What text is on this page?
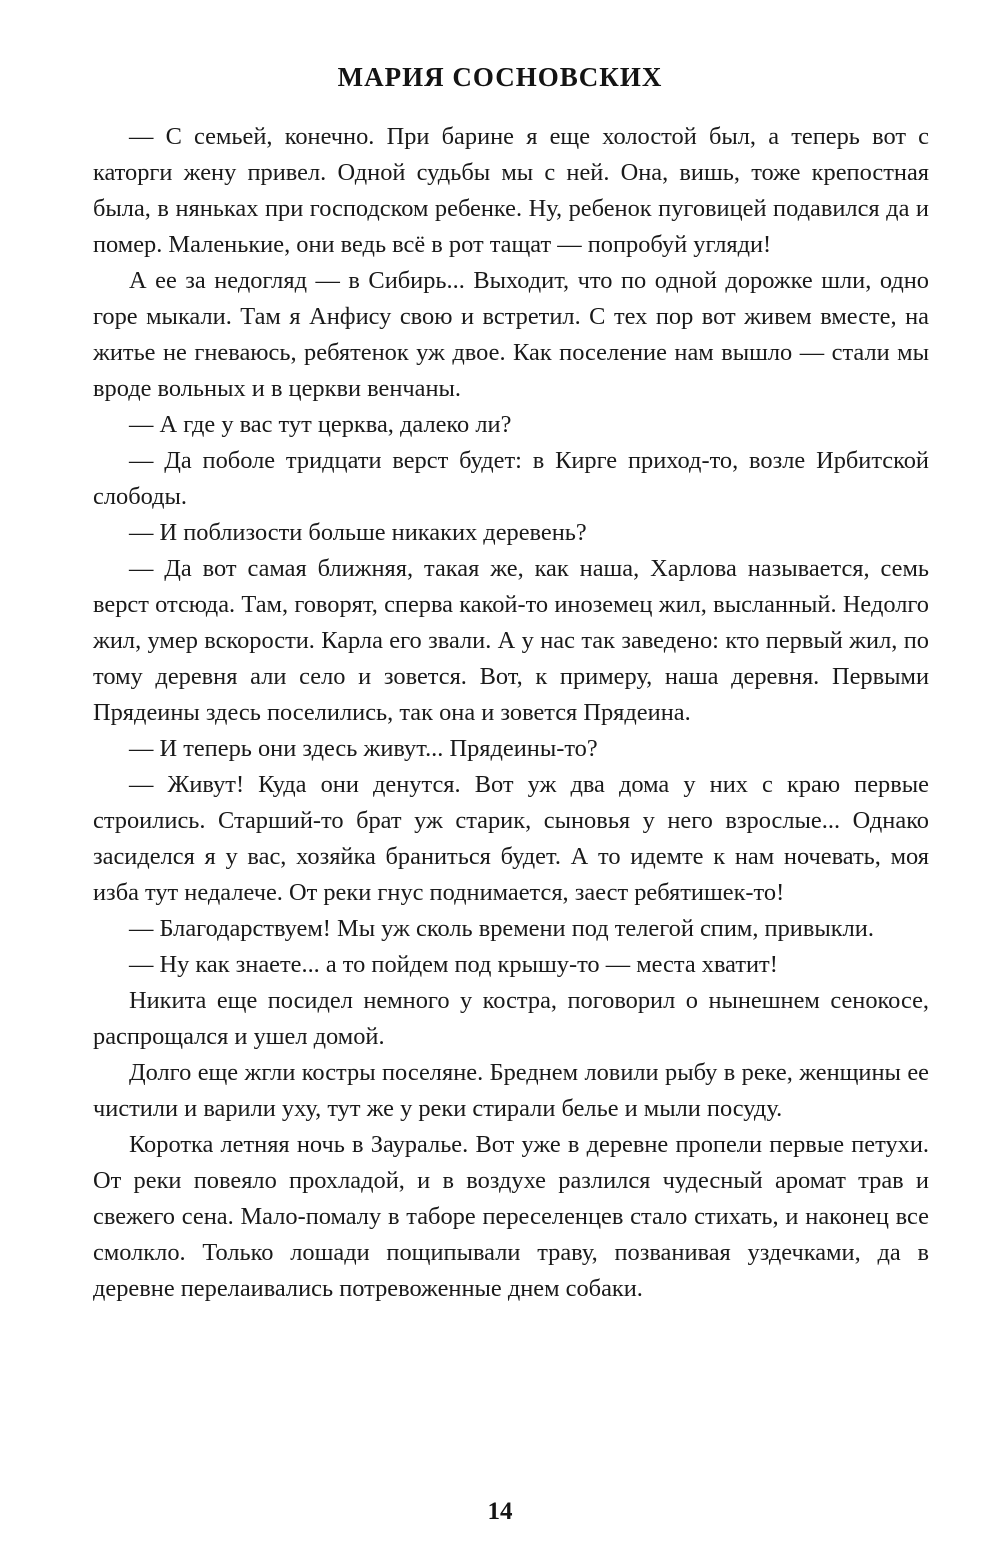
МАРИЯ СОСНОВСКИХ

— С семьей, конечно. При барине я еще холостой был, а теперь вот с каторги жену привел. Одной судьбы мы с ней. Она, вишь, тоже крепостная была, в няньках при господском ребенке. Ну, ребенок пуговицей подавился да и помер. Маленькие, они ведь всё в рот тащат — попробуй угляди!

А ее за недогляд — в Сибирь... Выходит, что по одной дорожке шли, одно горе мыкали. Там я Анфису свою и встретил. С тех пор вот живем вместе, на житье не гневаюсь, ребятенок уж двое. Как поселение нам вышло — стали мы вроде вольных и в церкви венчаны.

— А где у вас тут церква, далеко ли?

— Да поболе тридцати верст будет: в Кирге приход-то, возле Ирбитской слободы.

— И поблизости больше никаких деревень?

— Да вот самая ближняя, такая же, как наша, Харлова называется, семь верст отсюда. Там, говорят, сперва какой-то иноземец жил, высланный. Недолго жил, умер вскорости. Карла его звали. А у нас так заведено: кто первый жил, по тому деревня али село и зовется. Вот, к примеру, наша деревня. Первыми Прядеины здесь поселились, так она и зовется Прядеина.

— И теперь они здесь живут... Прядеины-то?

— Живут! Куда они денутся. Вот уж два дома у них с краю первые строились. Старший-то брат уж старик, сыновья у него взрослые... Однако засиделся я у вас, хозяйка браниться будет. А то идемте к нам ночевать, моя изба тут недалече. От реки гнус поднимается, заест ребятишек-то!

— Благодарствуем! Мы уж сколь времени под телегой спим, привыкли.

— Ну как знаете... а то пойдем под крышу-то — места хватит!

Никита еще посидел немного у костра, поговорил о нынешнем сенокосе, распрощался и ушел домой.

Долго еще жгли костры поселяне. Бреднем ловили рыбу в реке, женщины ее чистили и варили уху, тут же у реки стирали белье и мыли посуду.

Коротка летняя ночь в Зауралье. Вот уже в деревне пропели первые петухи. От реки повеяло прохладой, и в воздухе разлился чудесный аромат трав и свежего сена. Мало-помалу в таборе переселенцев стало стихать, и наконец все смолкло. Только лошади пощипывали траву, позванивая уздечками, да в деревне перелаивались потревоженные днем собаки.

14
